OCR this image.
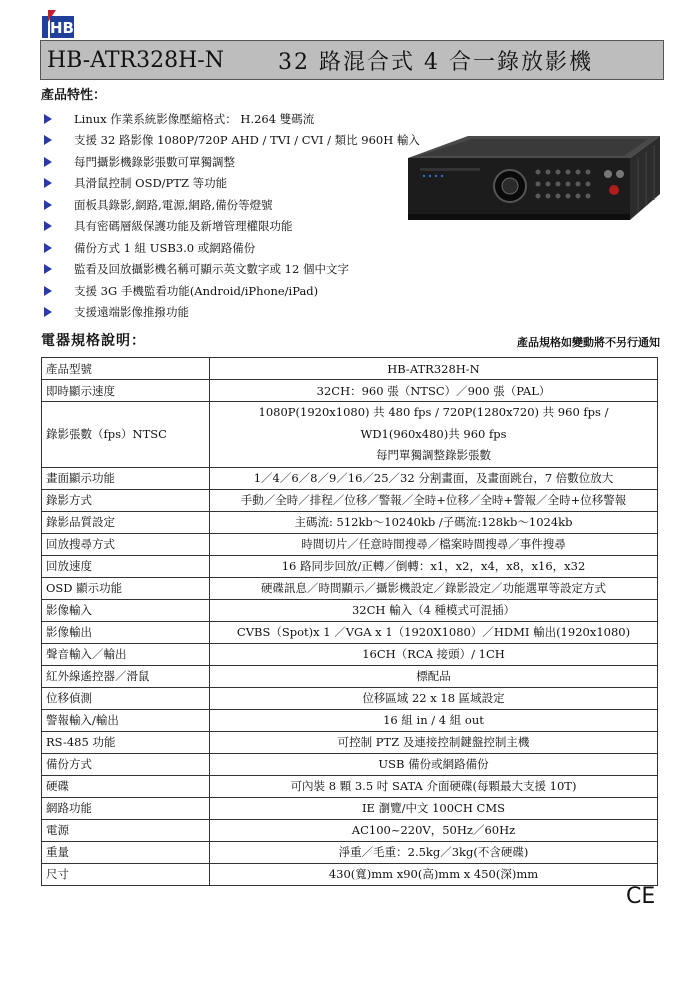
HB
HB-ATR328H-N 32 路混合式 4 合一錄放影機
產品特性：
Linux 作業系統影像壓縮格式： H.264 雙碼流
支援 32 路影像 1080P/720P AHD / TVI / CVI / 類比 960H 輸入
每門攝影機錄影張數可單獨調整
具滑鼠控制 OSD/PTZ 等功能
面板具錄影,網路,電源,網路,備份等燈號
具有密碼層級保護功能及新增管理權限功能
備份方式 1 組 USB3.0 或網路備份
監看及回放攝影機名稱可顯示英文數字或 12 個中文字
支援 3G 手機監看功能(Android/iPhone/iPad)
支援遠端影像推撥功能
電器規格說明：	產品規格如變動將不另行通知
產品型號	HB-ATR328H-N
即時顯示速度	32CH：960 張（NTSC）／900 張（PAL）
錄影張數（fps）NTSC	1080P(1920x1080) 共 480 fps / 720P(1280x720) 共 960 fps /
WD1(960x480)共 960 fps
每門單獨調整錄影張數

畫面顯示功能	1／4／6／8／9／16／25／32 分割畫面，及畫面跳台，7 倍數位放大
錄影方式	手動／全時／排程／位移／警報／全時+位移／全時+警報／全時+位移警報
錄影品質設定	主碼流: 512kb～10240kb /子碼流:128kb～1024kb
回放搜尋方式	時間切片／任意時間搜尋／檔案時間搜尋／事件搜尋
回放速度	16 路同步回放/正轉／倒轉：x1，x2，x4，x8，x16，x32
OSD 顯示功能	硬碟訊息／時間顯示／攝影機設定／錄影設定／功能選單等設定方式
影像輸入	32CH 輸入（4 種模式可混插）
影像輸出	CVBS（Spot)x 1 ／VGA x 1（1920X1080）／HDMI 輸出(1920x1080)
聲音輸入／輸出	16CH（RCA 接頭）/ 1CH
紅外線遙控器／滑鼠	標配品
位移偵測	位移區域 22 x 18 區域設定
警報輸入/輸出	16 組 in / 4 組 out
RS-485 功能	可控制 PTZ 及連接控制鍵盤控制主機
備份方式	USB 備份或網路備份
硬碟	可內裝 8 顆 3.5 吋 SATA 介面硬碟(每顆最大支援 10T)
網路功能	IE 瀏覽/中文 100CH CMS
電源	AC100~220V，50Hz／60Hz
重量	淨重／毛重：2.5kg／3kg(不含硬碟)
尺寸	430(寬)mm x90(高)mm x 450(深)mm
CE
